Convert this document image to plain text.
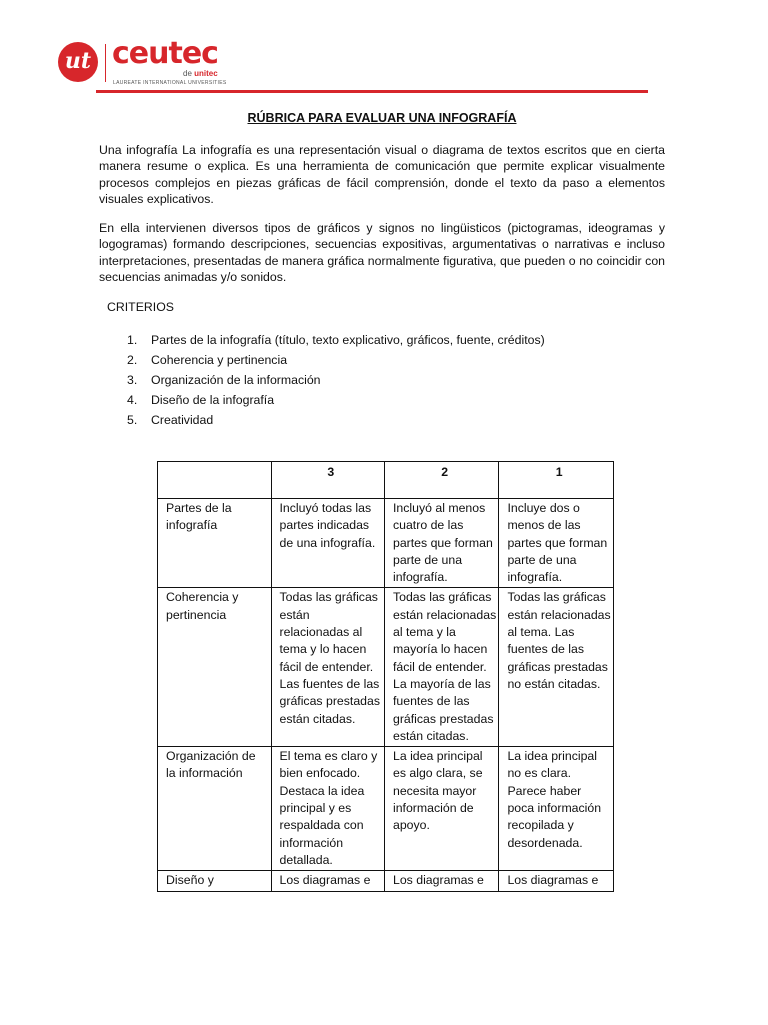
ut ceutec
de unitec
LAUREATE INTERNATIONAL UNIVERSITIES
RÚBRICA PARA EVALUAR UNA INFOGRAFÍA

Una infografía La infografía es una representación visual o diagrama de textos escritos que en cierta manera resume o explica. Es una herramienta de comunicación que permite explicar visualmente procesos complejos en piezas gráficas de fácil comprensión, donde el texto da paso a elementos visuales explicativos.

En ella intervienen diversos tipos de gráficos y signos no lingüisticos (pictogramas, ideogramas y logogramas) formando descripciones, secuencias expositivas, argumentativas o narrativas e incluso interpretaciones, presentadas de manera gráfica normalmente figurativa, que pueden o no coincidir con secuencias animadas y/o sonidos.

CRITERIOS
1.	Partes de la infografía (título, texto explicativo, gráficos, fuente, créditos)
2.	Coherencia y pertinencia
3.	Organización de la información
4.	Diseño de la infografía
5.	Creatividad
	3	2	1
Partes de la infografía	Incluyó todas las partes indicadas de una infografía.	Incluyó al menos cuatro de las partes que forman parte de una infografía.	Incluye dos o menos de las partes que forman parte de una infografía.
Coherencia y pertinencia	Todas las gráficas están relacionadas al tema y lo hacen fácil de entender. Las fuentes de las gráficas prestadas están citadas.	Todas las gráficas están relacionadas al tema y la mayoría lo hacen fácil de entender. La mayoría de las fuentes de las gráficas prestadas están citadas.	Todas las gráficas están relacionadas al tema. Las fuentes de las gráficas prestadas no están citadas.
Organización de la información	El tema es claro y bien enfocado. Destaca la idea principal y es respaldada con información detallada.	La idea principal es algo clara, se necesita mayor información de apoyo.	La idea principal no es clara. Parece haber poca información recopilada y desordenada.
Diseño y	Los diagramas e	Los diagramas e	Los diagramas e
